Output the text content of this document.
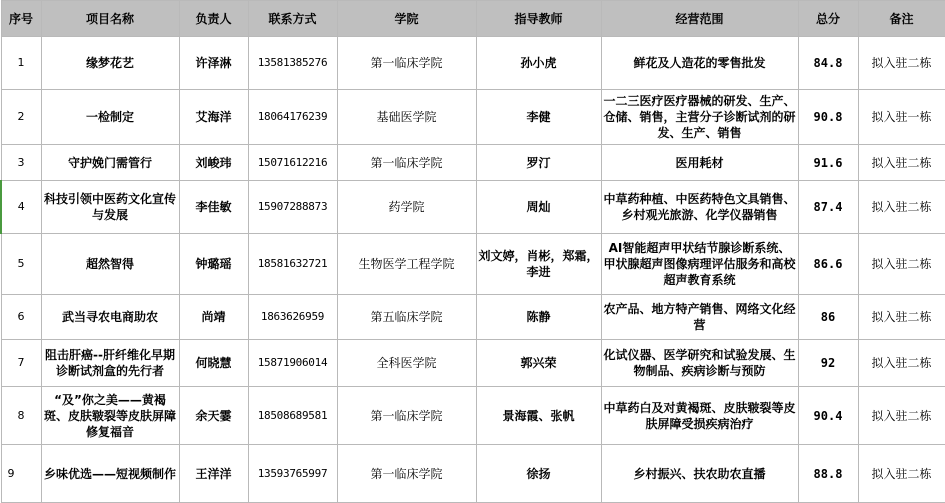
序号	项目名称	负责人	联系方式	学院	指导教师	经营范围	总分	备注
1	缘梦花艺	许泽淋	13581385276	第一临床学院	孙小虎	鲜花及人造花的零售批发	84.8	拟入驻二栋
2	一检制定	艾海洋	18064176239	基础医学院	李健	一二三医疗医疗器械的研发、生产、仓储、销售，主营分子诊断试剂的研发、生产、销售	90.8	拟入驻一栋
3	守护娩门需管行	刘峻玮	15071612216	第一临床学院	罗汀	医用耗材	91.6	拟入驻二栋
4	科技引领中医药文化宣传与发展	李佳敏	15907288873	药学院	周灿	中草药种植、中医药特色文具销售、乡村观光旅游、化学仪器销售	87.4	拟入驻二栋
5	超然智得	钟璐瑶	18581632721	生物医学工程学院	刘文婷，肖彬，郑霜，李进	AI智能超声甲状结节腺诊断系统、甲状腺超声图像病理评估服务和高校超声教育系统	86.6	拟入驻二栋
6	武当寻农电商助农	尚靖	1863626959	第五临床学院	陈静	农产品、地方特产销售、网络文化经营	86	拟入驻二栋
7	阻击肝癌--肝纤维化早期诊断试剂盒的先行者	何晓慧	15871906014	全科医学院	郭兴荣	化试仪器、医学研究和试验发展、生物制品、疾病诊断与预防	92	拟入驻二栋
8	“及”你之美——黄褐斑、皮肤皲裂等皮肤屏障修复福音	余天霎	18508689581	第一临床学院	景海霞、张帆	中草药白及对黄褐斑、皮肤皲裂等皮肤屏障受损疾病治疗	90.4	拟入驻二栋
9	乡味优选——短视频制作	王洋洋	13593765997	第一临床学院	徐扬	乡村振兴、扶农助农直播	88.8	拟入驻二栋
